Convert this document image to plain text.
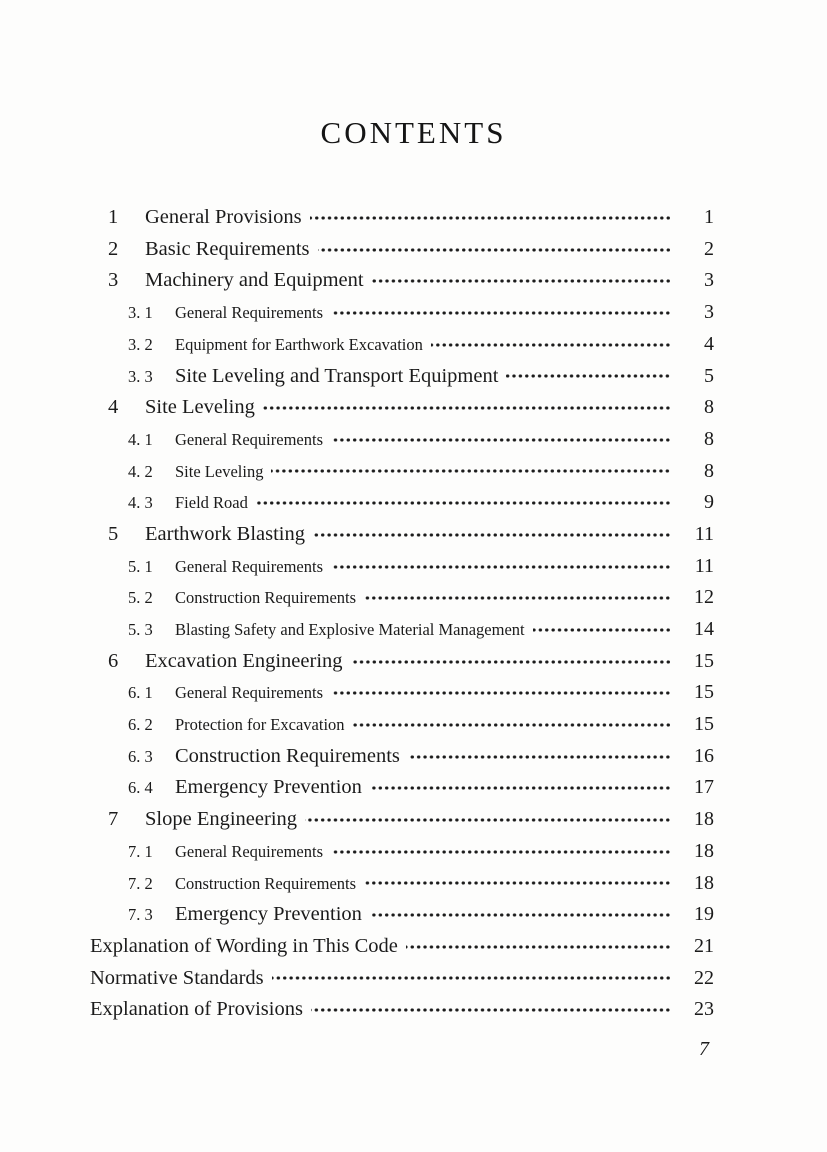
CONTENTS
1	General Provisions	1
2	Basic Requirements	2
3	Machinery and Equipment	3
3. 1	General Requirements	3
3. 2	Equipment for Earthwork Excavation	4
3. 3	Site Leveling and Transport Equipment	5
4	Site Leveling	8
4. 1	General Requirements	8
4. 2	Site Leveling	8
4. 3	Field Road	9
5	Earthwork Blasting	11
5. 1	General Requirements	11
5. 2	Construction Requirements	12
5. 3	Blasting Safety and Explosive Material Management	14
6	Excavation Engineering	15
6. 1	General Requirements	15
6. 2	Protection for Excavation	15
6. 3	Construction Requirements	16
6. 4	Emergency Prevention	17
7	Slope Engineering	18
7. 1	General Requirements	18
7. 2	Construction Requirements	18
7. 3	Emergency Prevention	19
Explanation of Wording in This Code	21
Normative Standards	22
Explanation of Provisions	23
7
